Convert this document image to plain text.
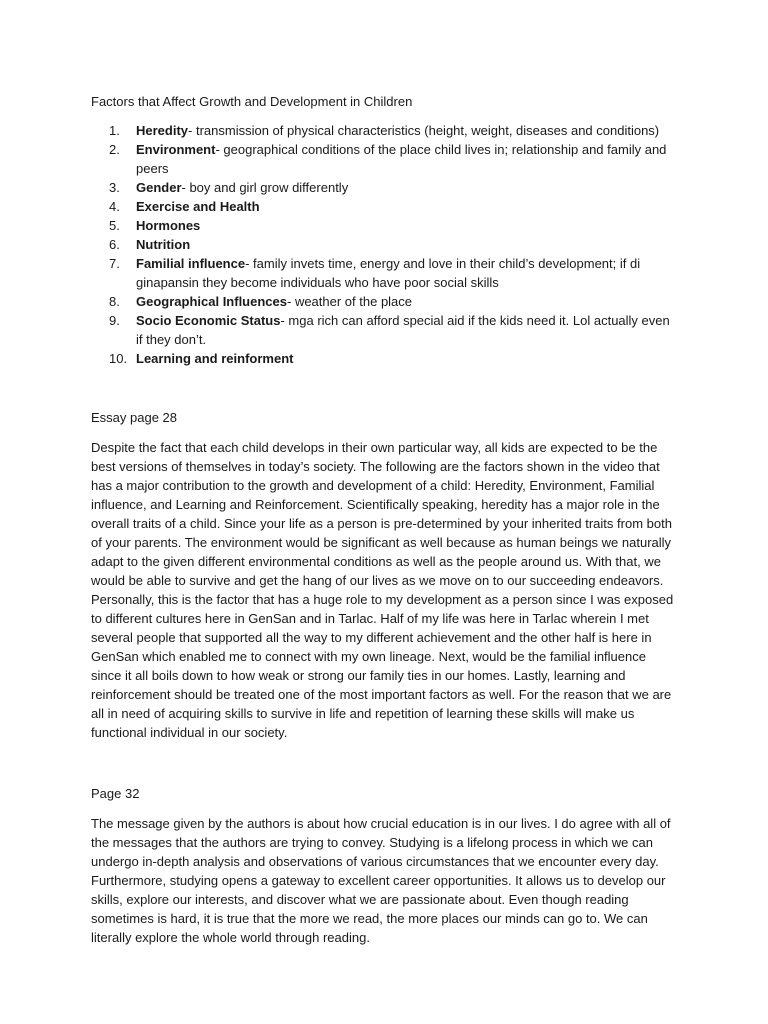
Factors that Affect Growth and Development in Children
1.	Heredity- transmission of physical characteristics (height, weight, diseases and conditions)
2.	Environment- geographical conditions of the place child lives in; relationship and family and peers
3.	Gender- boy and girl grow differently
4.	Exercise and Health
5.	Hormones
6.	Nutrition
7.	Familial influence- family invets time, energy and love in their child’s development; if di ginapansin they become individuals who have poor social skills
8.	Geographical Influences- weather of the place
9.	Socio Economic Status- mga rich can afford special aid if the kids need it. Lol actually even if they don’t.
10. Learning and reinforment
Essay page 28

Despite the fact that each child develops in their own particular way, all kids are expected to be the best versions of themselves in today’s society. The following are the factors shown in the video that has a major contribution to the growth and development of a child: Heredity, Environment, Familial influence, and Learning and Reinforcement. Scientifically speaking, heredity has a major role in the overall traits of a child. Since your life as a person is pre-determined by your inherited traits from both of your parents. The environment would be significant as well because as human beings we naturally adapt to the given different environmental conditions as well as the people around us. With that, we would be able to survive and get the hang of our lives as we move on to our succeeding endeavors. Personally, this is the factor that has a huge role to my development as a person since I was exposed to different cultures here in GenSan and in Tarlac. Half of my life was here in Tarlac wherein I met several people that supported all the way to my different achievement and the other half is here in GenSan which enabled me to connect with my own lineage. Next, would be the familial influence since it all boils down to how weak or strong our family ties in our homes. Lastly, learning and reinforcement should be treated one of the most important factors as well. For the reason that we are all in need of acquiring skills to survive in life and repetition of learning these skills will make us functional individual in our society.

Page 32

The message given by the authors is about how crucial education is in our lives. I do agree with all of the messages that the authors are trying to convey. Studying is a lifelong process in which we can undergo in-depth analysis and observations of various circumstances that we encounter every day. Furthermore, studying opens a gateway to excellent career opportunities. It allows us to develop our skills, explore our interests, and discover what we are passionate about. Even though reading sometimes is hard, it is true that the more we read, the more places our minds can go to. We can literally explore the whole world through reading.
